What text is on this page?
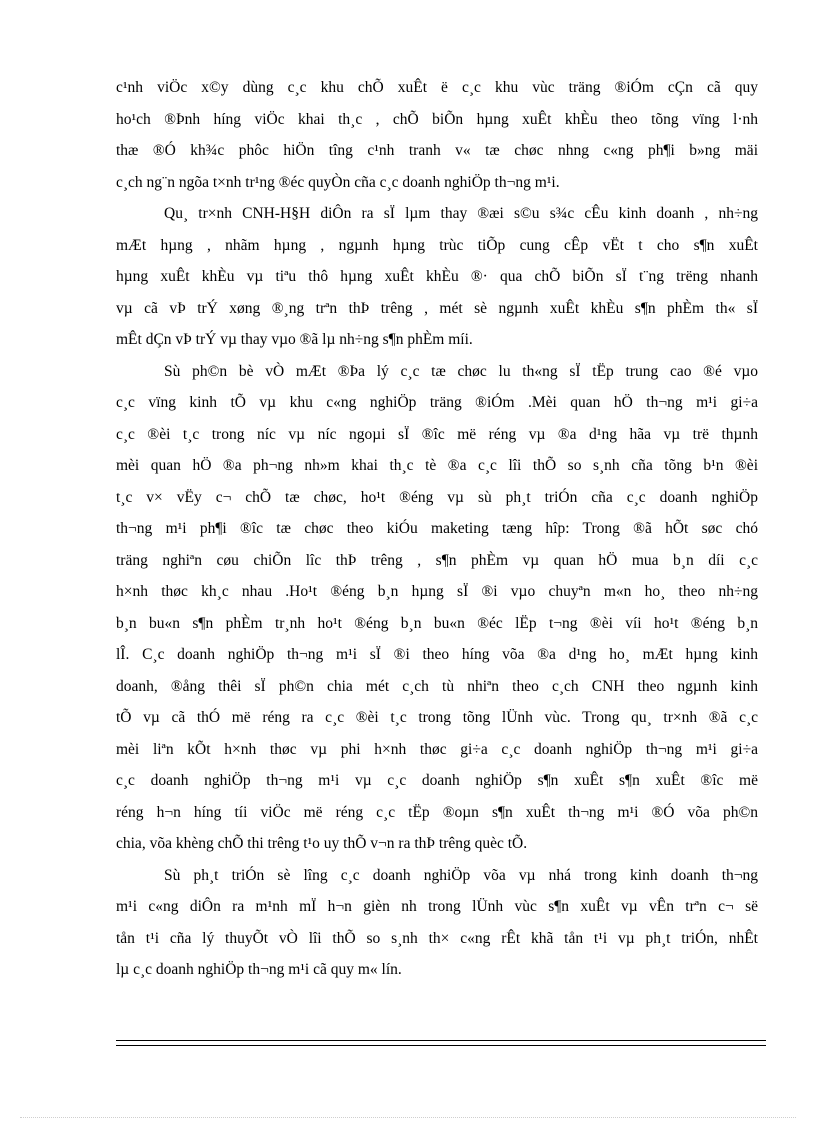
c¹nh viÖc x©y dùng c¸c khu chÕ xuÊt ë c¸c khu vùc träng ®iÓm cÇn cã quy
ho¹ch ®Þnh híng viÖc khai th¸c , chÕ biÕn hµng xuÊt khÈu theo tõng vïng l·nh
thæ ®Ó kh¾c phôc hiÖn tîng c¹nh tranh v« tæ chøc nhng c«ng ph¶i b»ng mäi
c¸ch ng¨n ngõa t×nh tr¹ng ®éc quyÒn cña c¸c doanh nghiÖp th¬ng m¹i.
Qu¸ tr×nh CNH-H§H diÔn ra sÏ lµm thay ®æi s©u s¾c cÊu kinh doanh , nh÷ng
mÆt hµng , nhãm hµng , ngµnh hµng trùc tiÕp cung cÊp vËt t cho s¶n xuÊt
hµng xuÊt khÈu vµ tiªu thô hµng xuÊt khÈu ®· qua chÕ biÕn sÏ t¨ng trëng nhanh
vµ cã vÞ trÝ xøng ®¸ng trªn thÞ trêng , mét sè ngµnh xuÊt khÈu s¶n phÈm th« sÏ
mÊt dÇn vÞ trÝ vµ thay vµo ®ã lµ nh÷ng s¶n phÈm míi.
Sù ph©n bè vÒ mÆt ®Þa lý c¸c tæ chøc lu th«ng sÏ tËp trung cao ®é vµo
c¸c vïng kinh tÕ vµ khu c«ng nghiÖp träng ®iÓm .Mèi quan hÖ th¬ng m¹i gi÷a
c¸c ®èi t¸c trong níc vµ níc ngoµi sÏ ®îc më réng vµ ®a d¹ng hãa vµ trë thµnh
mèi quan hÖ ®a ph¬ng nh»m khai th¸c tè ®a c¸c lîi thÕ so s¸nh cña tõng b¹n ®èi
t¸c v× vËy c¬ chÕ tæ chøc, ho¹t ®éng vµ sù ph¸t triÓn cña c¸c doanh nghiÖp
th¬ng m¹i ph¶i ®îc tæ chøc theo kiÓu maketing tæng hîp: Trong ®ã hÕt søc chó
träng nghiªn cøu chiÕn lîc thÞ trêng , s¶n phÈm vµ quan hÖ mua b¸n díi c¸c
h×nh thøc kh¸c nhau .Ho¹t ®éng b¸n hµng sÏ ®i vµo chuyªn m«n ho¸ theo nh÷ng
b¸n bu«n s¶n phÈm tr¸nh ho¹t ®éng b¸n bu«n ®éc lËp t¬ng ®èi víi ho¹t ®éng b¸n
lÎ. C¸c doanh nghiÖp th¬ng m¹i sÏ ®i theo híng võa ®a d¹ng ho¸ mÆt hµng kinh
doanh, ®ång thêi sÏ ph©n chia mét c¸ch tù nhiªn theo c¸ch CNH theo ngµnh kinh
tÕ vµ cã thÓ më réng ra c¸c ®èi t¸c trong tõng lÜnh vùc. Trong qu¸ tr×nh ®ã c¸c
mèi liªn kÕt h×nh thøc vµ phi h×nh thøc gi÷a c¸c doanh nghiÖp th¬ng m¹i gi÷a
c¸c doanh nghiÖp th¬ng m¹i vµ c¸c doanh nghiÖp s¶n xuÊt s¶n xuÊt ®îc më
réng h¬n híng tíi viÖc më réng c¸c tËp ®oµn s¶n xuÊt th¬ng m¹i ®Ó võa ph©n
chia, võa khèng chÕ thi trêng t¹o uy thÕ v¬n ra thÞ trêng quèc tÕ.
Sù ph¸t triÓn sè lîng c¸c doanh nghiÖp võa vµ nhá trong kinh doanh th¬ng
m¹i c«ng diÔn ra m¹nh mÏ h¬n gièn nh trong lÜnh vùc s¶n xuÊt vµ vÊn trªn c¬ së
tån t¹i cña lý thuyÕt vÒ lîi thÕ so s¸nh th× c«ng rÊt khã tån t¹i vµ ph¸t triÓn, nhÊt
lµ c¸c doanh nghiÖp th¬ng m¹i cã quy m« lín.
